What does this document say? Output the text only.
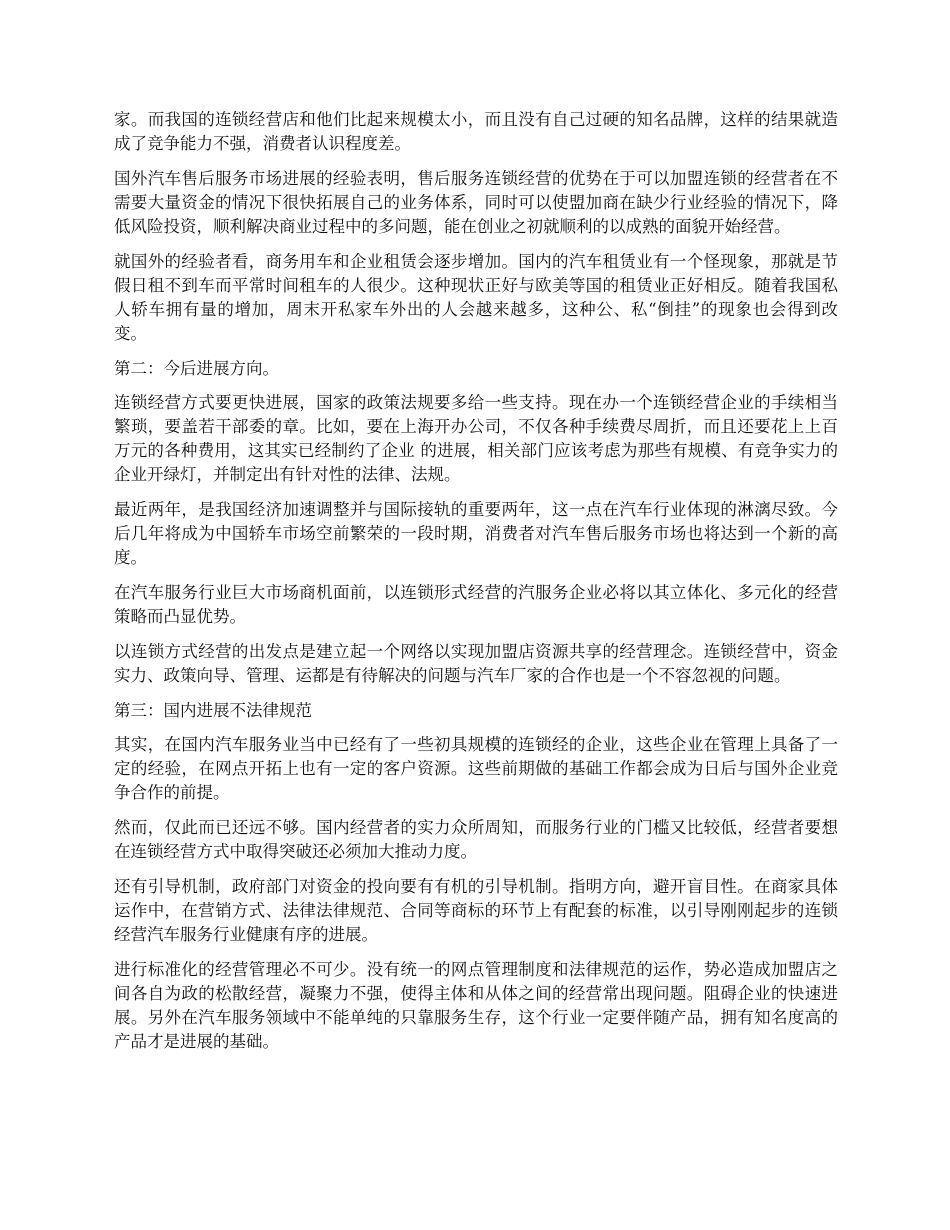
家。而我国的连锁经营店和他们比起来规模太小，而且没有自己过硬的知名品牌，这样的结果就造成了竞争能力不强，消费者认识程度差。

国外汽车售后服务市场进展的经验表明，售后服务连锁经营的优势在于可以加盟连锁的经营者在不需要大量资金的情况下很快拓展自己的业务体系，同时可以使盟加商在缺少行业经验的情况下，降低风险投资，顺利解决商业过程中的多问题，能在创业之初就顺利的以成熟的面貌开始经营。

就国外的经验者看，商务用车和企业租赁会逐步增加。国内的汽车租赁业有一个怪现象，那就是节假日租不到车而平常时间租车的人很少。这种现状正好与欧美等国的租赁业正好相反。随着我国私人轿车拥有量的增加，周末开私家车外出的人会越来越多，这种公、私“倒挂”的现象也会得到改变。

第二：今后进展方向。

连锁经营方式要更快进展，国家的政策法规要多给一些支持。现在办一个连锁经营企业的手续相当繁琐，要盖若干部委的章。比如，要在上海开办公司，不仅各种手续费尽周折，而且还要花上上百万元的各种费用，这其实已经制约了企业 的进展，相关部门应该考虑为那些有规模、有竞争实力的企业开绿灯，并制定出有针对性的法律、法规。

最近两年，是我国经济加速调整并与国际接轨的重要两年，这一点在汽车行业体现的淋漓尽致。今后几年将成为中国轿车市场空前繁荣的一段时期，消费者对汽车售后服务市场也将达到一个新的高度。

在汽车服务行业巨大市场商机面前，以连锁形式经营的汽服务企业必将以其立体化、多元化的经营策略而凸显优势。

以连锁方式经营的出发点是建立起一个网络以实现加盟店资源共享的经营理念。连锁经营中，资金实力、政策向导、管理、运都是有待解决的问题与汽车厂家的合作也是一个不容忽视的问题。

第三：国内进展不法律规范

其实，在国内汽车服务业当中已经有了一些初具规模的连锁经的企业，这些企业在管理上具备了一定的经验，在网点开拓上也有一定的客户资源。这些前期做的基础工作都会成为日后与国外企业竞争合作的前提。

然而，仅此而已还远不够。国内经营者的实力众所周知，而服务行业的门槛又比较低，经营者要想在连锁经营方式中取得突破还必须加大推动力度。

还有引导机制，政府部门对资金的投向要有有机的引导机制。指明方向，避开盲目性。在商家具体运作中，在营销方式、法律法律规范、合同等商标的环节上有配套的标准，以引导刚刚起步的连锁经营汽车服务行业健康有序的进展。

进行标准化的经营管理必不可少。没有统一的网点管理制度和法律规范的运作，势必造成加盟店之间各自为政的松散经营，凝聚力不强，使得主体和从体之间的经营常出现问题。阻碍企业的快速进展。另外在汽车服务领域中不能单纯的只靠服务生存，这个行业一定要伴随产品，拥有知名度高的产品才是进展的基础。
